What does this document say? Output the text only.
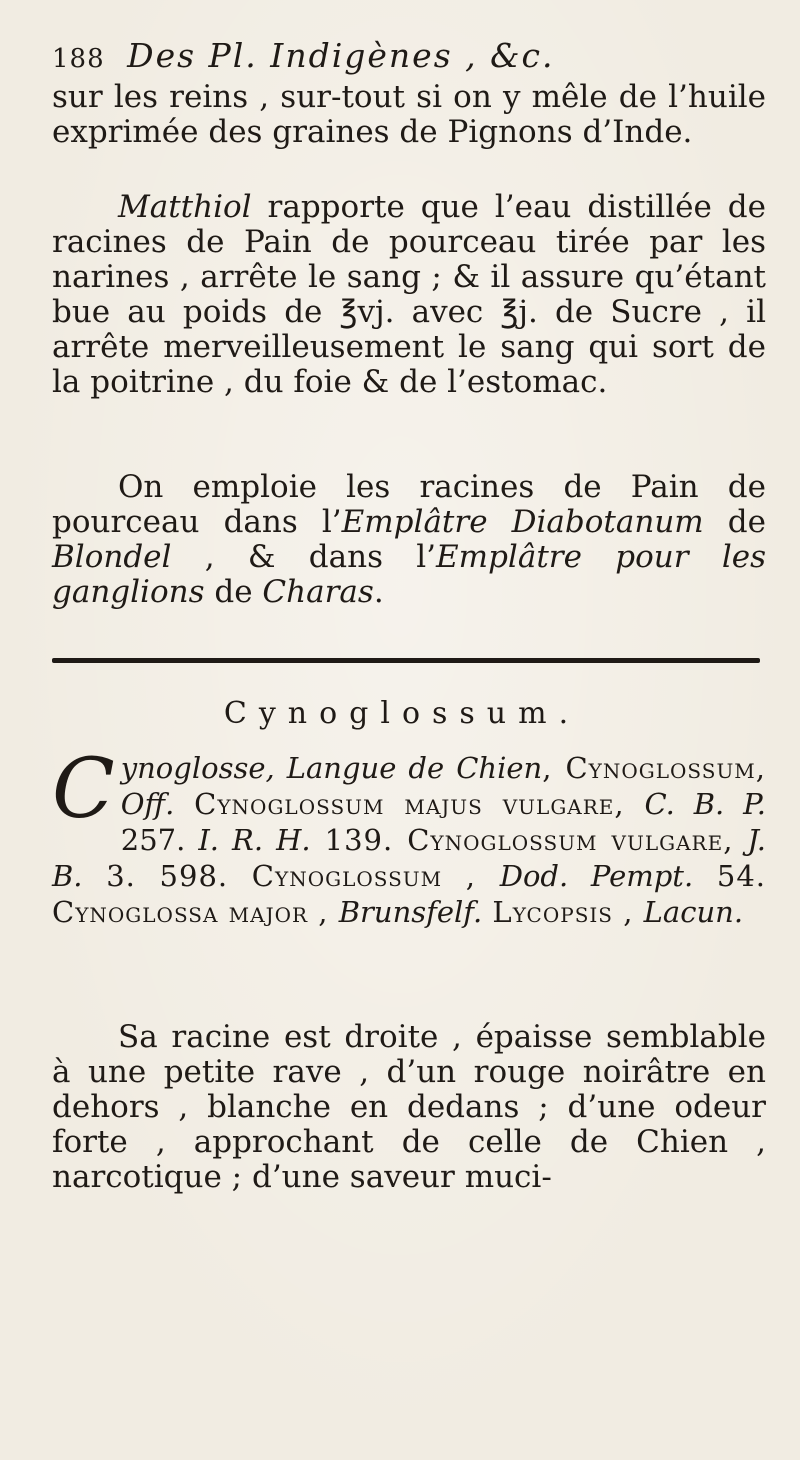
188 Des Pl. Indigènes , &c.

sur les reins , sur-tout si on y mêle de l’huile exprimée des graines de Pignons d’Inde.

Matthiol rapporte que l’eau distillée de racines de Pain de pourceau tirée par les narines , arrête le sang ; & il assure qu’étant bue au poids de ℥vj. avec ℥j. de Sucre , il arrête merveilleusement le sang qui sort de la poitrine , du foie & de l’estomac.

On emploie les racines de Pain de pourceau dans l’Emplâtre Diabotanum de Blondel , & dans l’Emplâtre pour les ganglions de Charas.

Cynoglossum.
Cynoglosse, Langue de Chien, Cynoglossum, Off. Cynoglossum majus vulgare, C. B. P. 257. I. R. H. 139. Cynoglossum vulgare, J. B. 3. 598. Cynoglossum , Dod. Pempt. 54. Cynoglossa major , Brunsfelf. Lycopsis , Lacun.

Sa racine est droite , épaisse semblable à une petite rave , d’un rouge noirâtre en dehors , blanche en dedans ; d’une odeur forte , approchant de celle de Chien , narcotique ; d’une saveur muci-
